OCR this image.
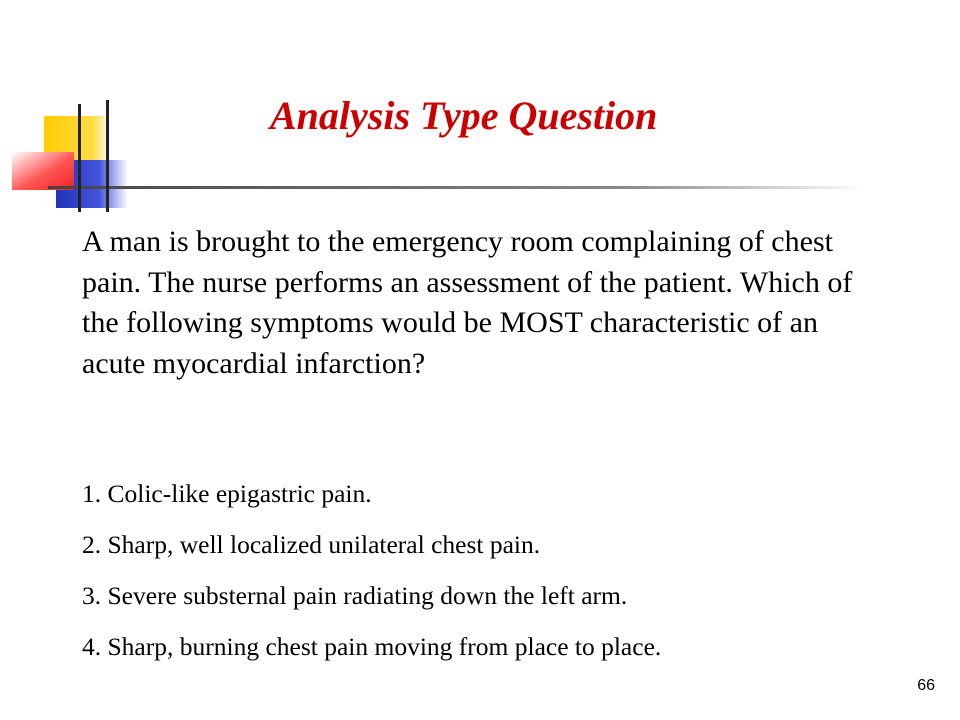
Analysis Type Question
A man is brought to the emergency room complaining of chest pain. The nurse performs an assessment of the patient. Which of the following symptoms would be MOST characteristic of an acute myocardial infarction?
1. Colic-like epigastric pain.
2. Sharp, well localized unilateral chest pain.
3. Severe substernal pain radiating down the left arm.
4. Sharp, burning chest pain moving from place to place.
66
